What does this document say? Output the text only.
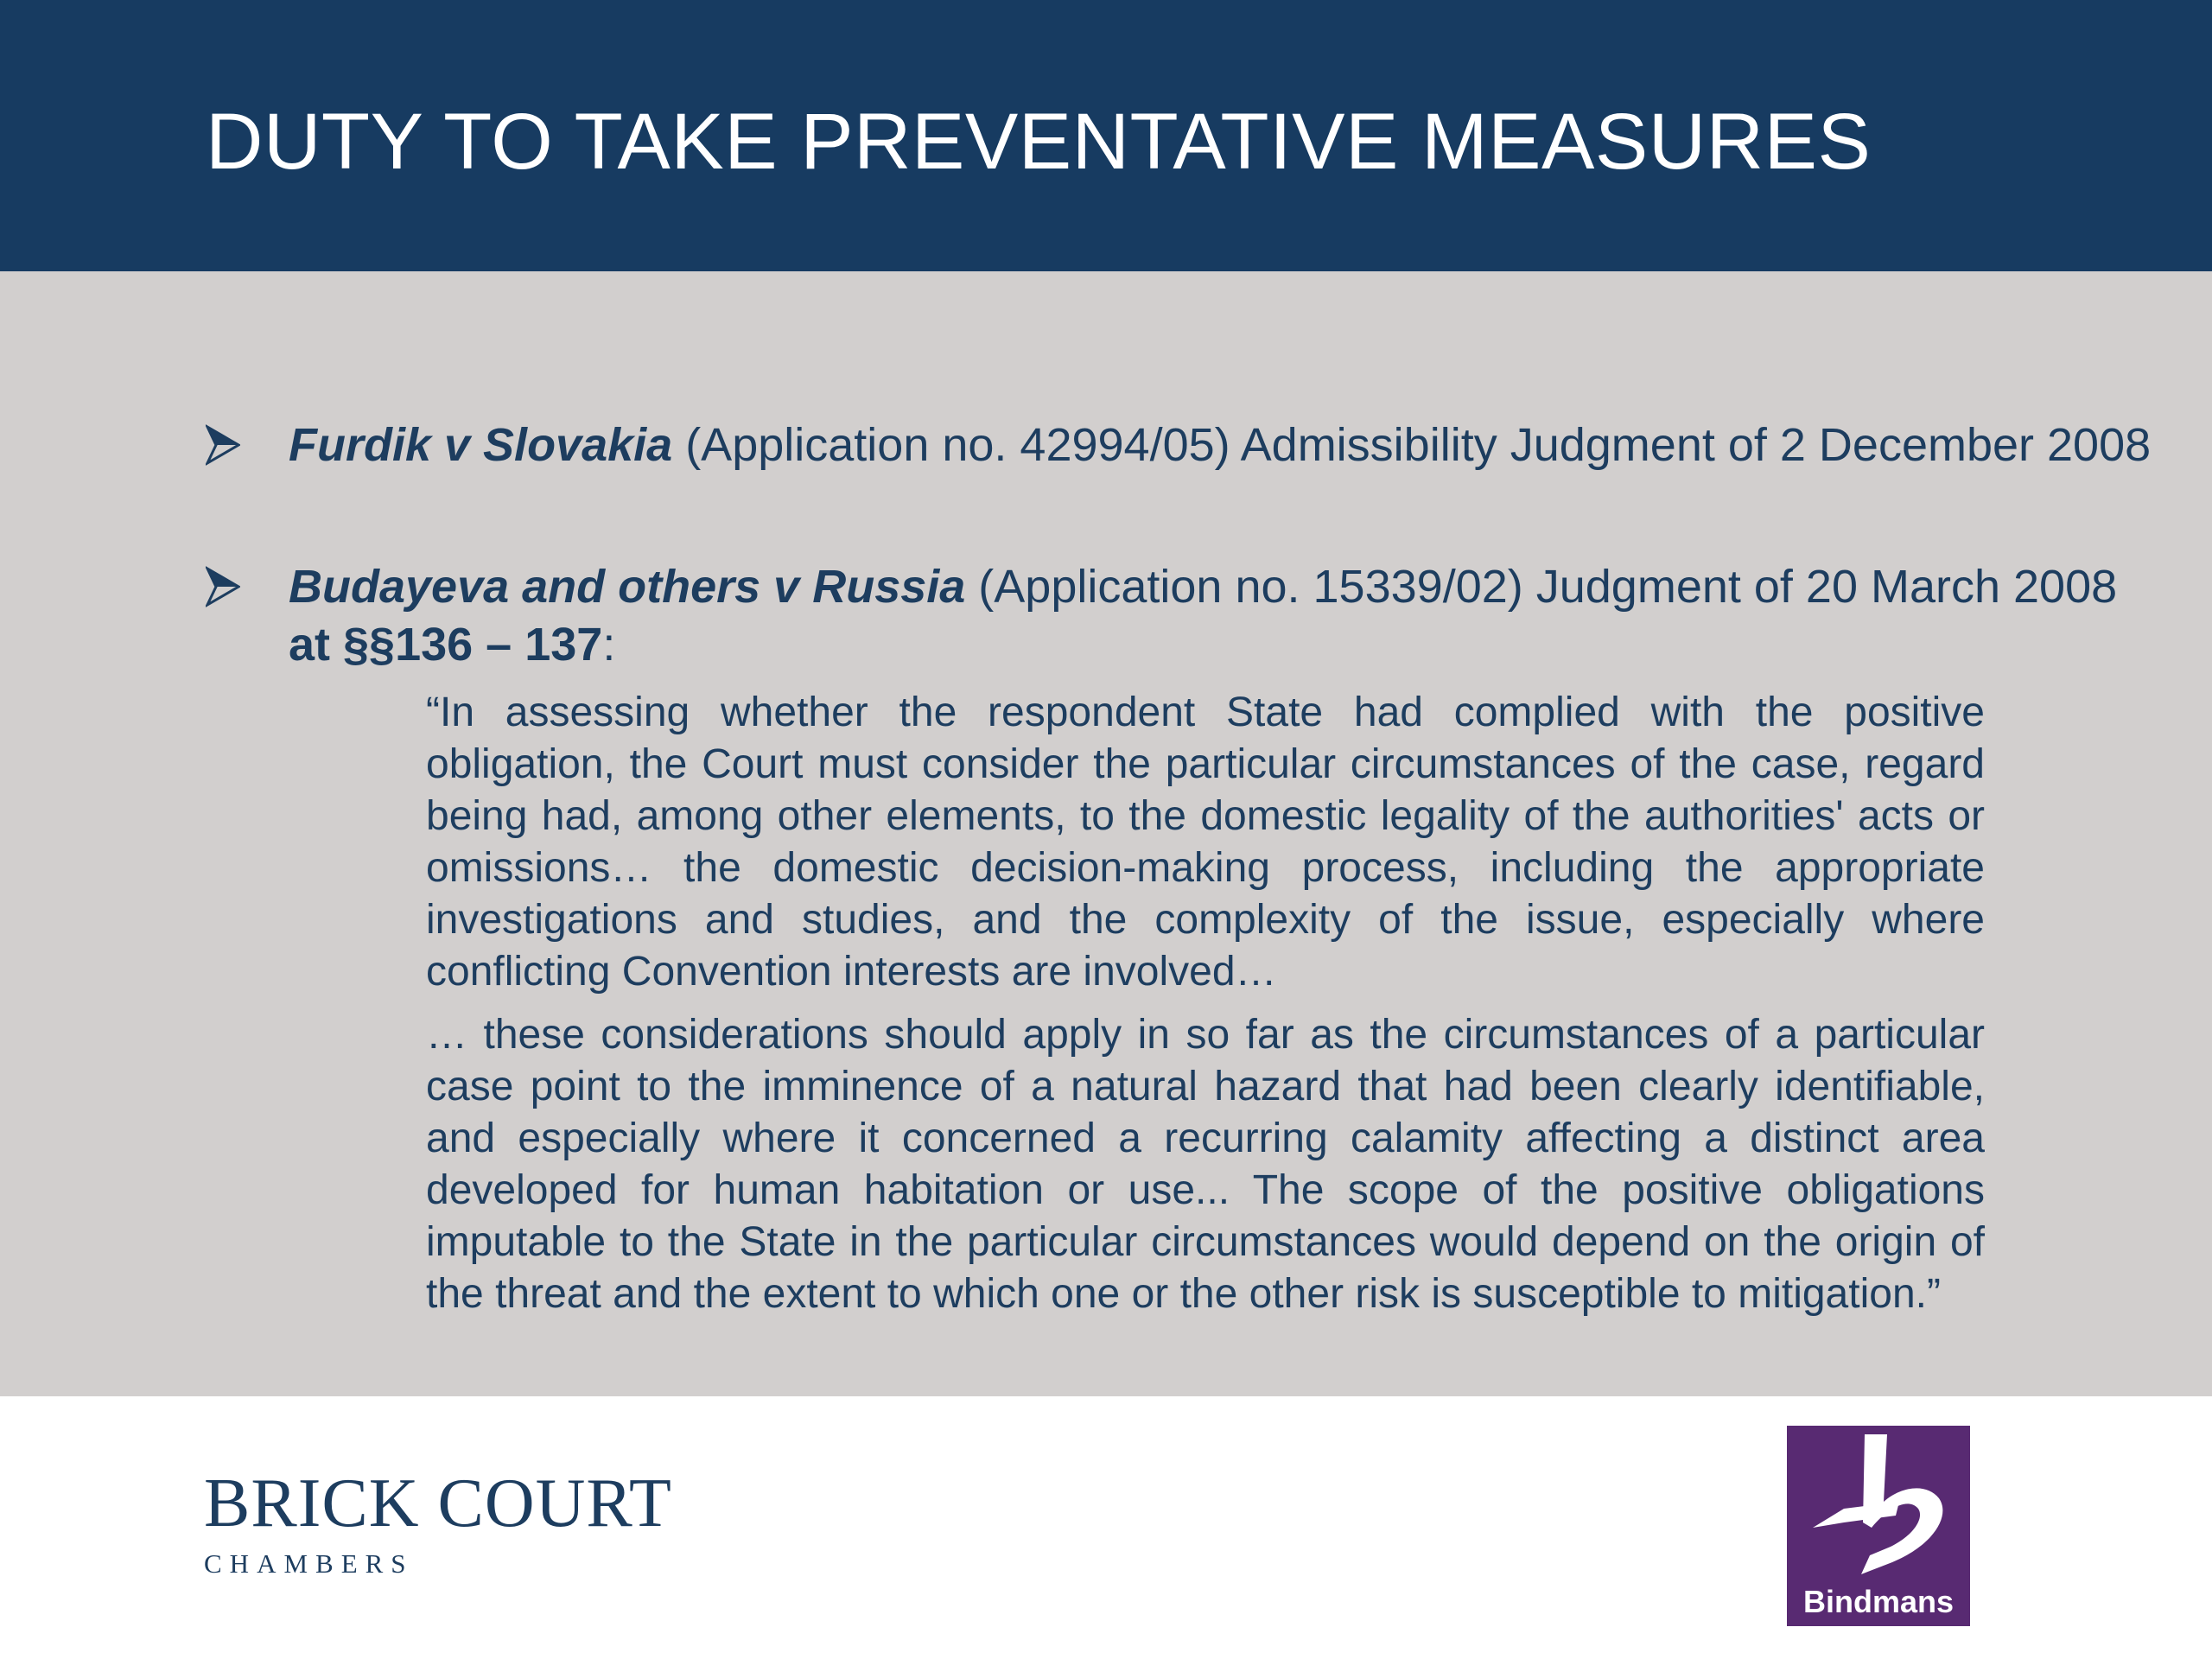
DUTY TO TAKE PREVENTATIVE MEASURES
Furdik v Slovakia (Application no. 42994/05) Admissibility Judgment of 2 December 2008
Budayeva and others v Russia (Application no. 15339/02) Judgment of 20 March 2008 at §§136 – 137:

“In assessing whether the respondent State had complied with the positive obligation, the Court must consider the particular circumstances of the case, regard being had, among other elements, to the domestic legality of the authorities' acts or omissions… the domestic decision-making process, including the appropriate investigations and studies, and the complexity of the issue, especially where conflicting Convention interests are involved…

… these considerations should apply in so far as the circumstances of a particular case point to the imminence of a natural hazard that had been clearly identifiable, and especially where it concerned a recurring calamity affecting a distinct area developed for human habitation or use... The scope of the positive obligations imputable to the State in the particular circumstances would depend on the origin of the threat and the extent to which one or the other risk is susceptible to mitigation.”

BRICK COURT
CHAMBERS
Bindmans
